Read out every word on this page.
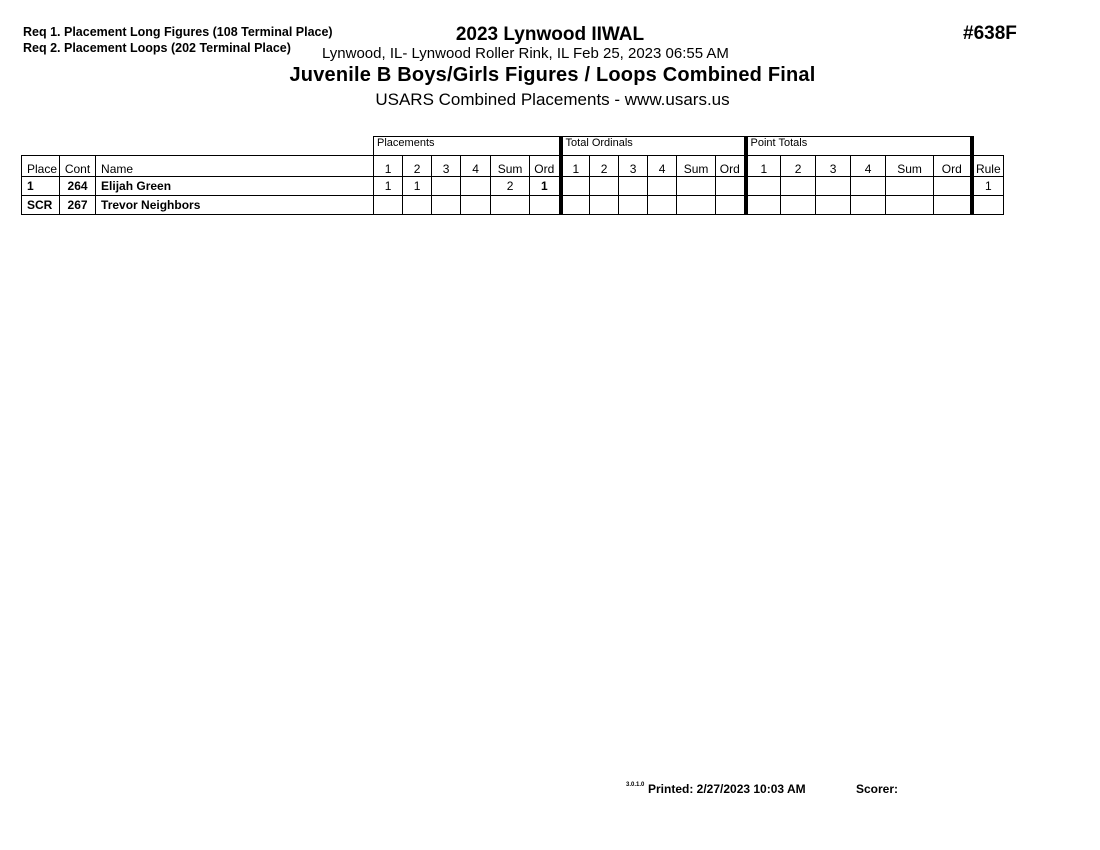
Req 1. Placement Long Figures (108 Terminal Place)
Req 2. Placement Loops (202 Terminal Place)
2023 Lynwood IIWAL
Lynwood, IL- Lynwood Roller Rink, IL Feb 25, 2023 06:55 AM
Juvenile B Boys/Girls Figures / Loops Combined Final
USARS Combined Placements - www.usars.us
#638F
			Placements						Total Ordinals						Point Totals						
Place	Cont	Name	1	2	3	4	Sum	Ord	1	2	3	4	Sum	Ord	1	2	3	4	Sum	Ord	Rule
1	264	Elijah Green	1	1			2	1													1
SCR	267	Trevor Neighbors																			
3.0.1.0 Printed: 2/27/2023 10:03 AM	Scorer:
